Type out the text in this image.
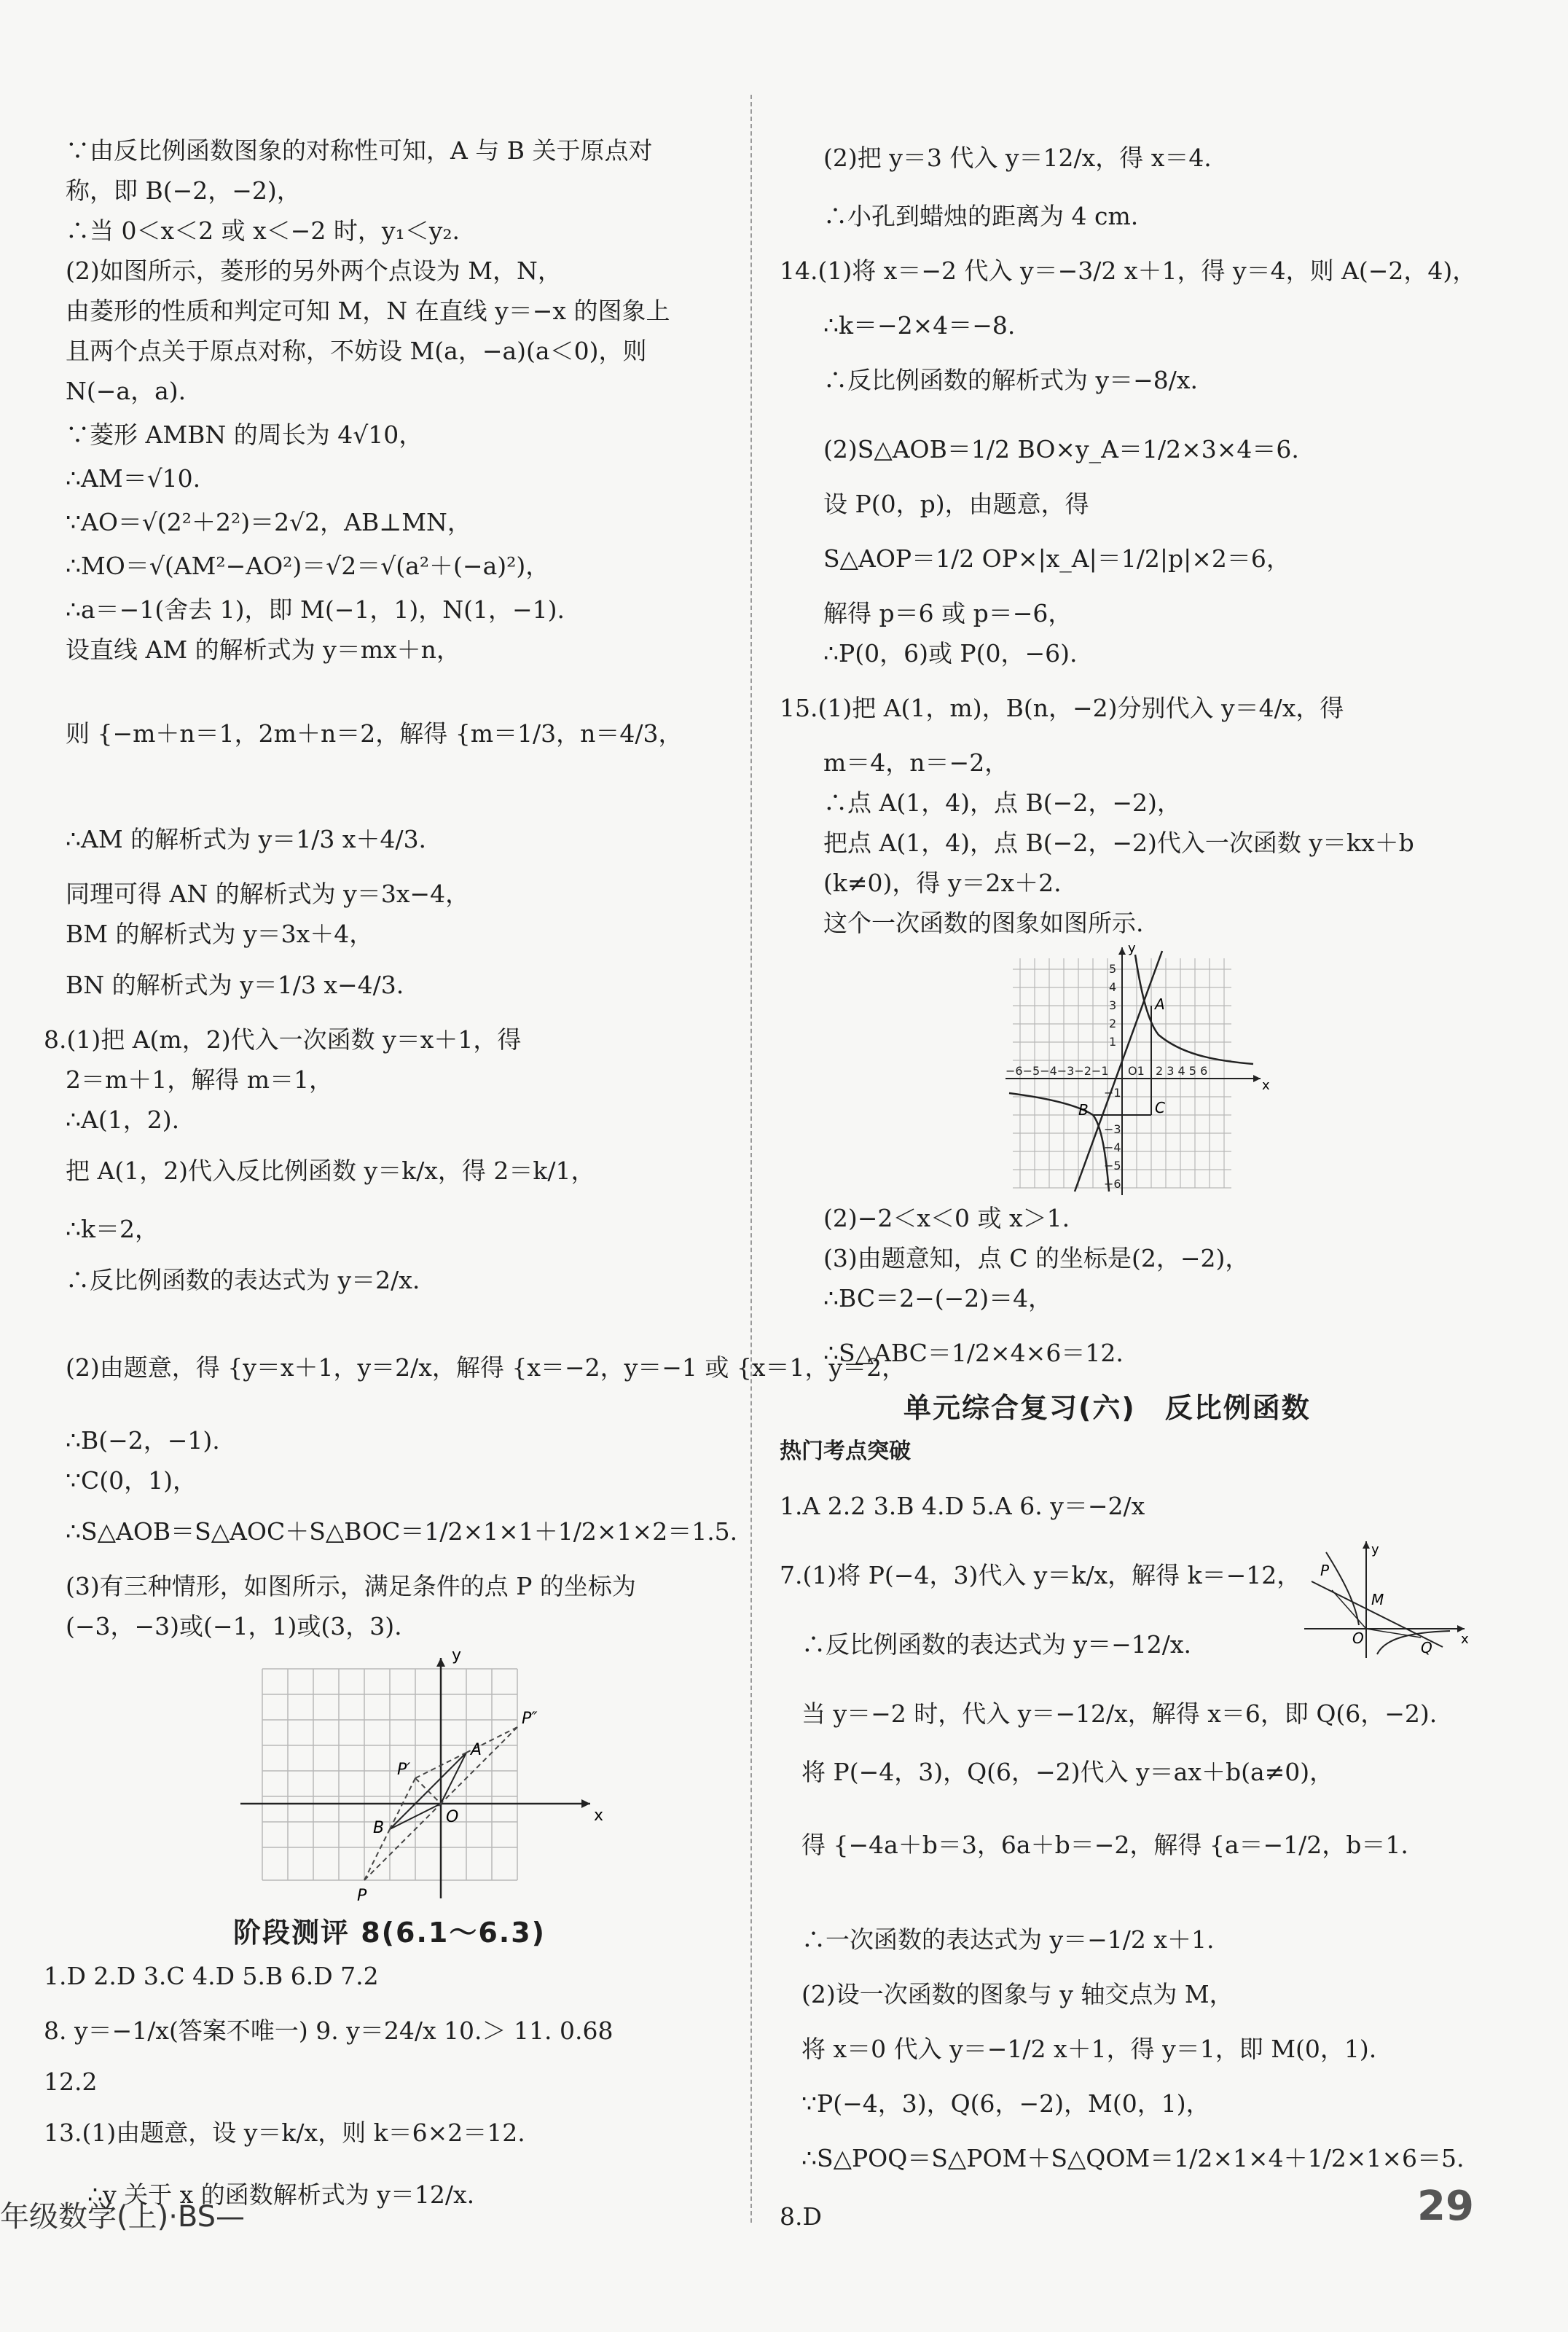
∵由反比例函数图象的对称性可知，A 与 B 关于原点对
称，即 B(−2，−2)，
∴当 0＜x＜2 或 x＜−2 时，y₁＜y₂.
(2)如图所示，菱形的另外两个点设为 M，N，
由菱形的性质和判定可知 M，N 在直线 y＝−x 的图象上
且两个点关于原点对称，不妨设 M(a，−a)(a＜0)，则
N(−a，a).
∵菱形 AMBN 的周长为 4√10，
∴AM＝√10.
∵AO＝√(2²＋2²)＝2√2，AB⊥MN，
∴MO＝√(AM²−AO²)＝√2＝√(a²＋(−a)²)，
∴a＝−1(舍去 1)，即 M(−1，1)，N(1，−1).
设直线 AM 的解析式为 y＝mx＋n，
则 {−m＋n＝1，2m＋n＝2，解得 {m＝1/3，n＝4/3，
∴AM 的解析式为 y＝1/3 x＋4/3.
同理可得 AN 的解析式为 y＝3x−4，
BM 的解析式为 y＝3x＋4，
BN 的解析式为 y＝1/3 x−4/3.
8.(1)把 A(m，2)代入一次函数 y＝x＋1，得
2＝m＋1，解得 m＝1，
∴A(1，2).
把 A(1，2)代入反比例函数 y＝k/x，得 2＝k/1，
∴k＝2，
∴反比例函数的表达式为 y＝2/x.
(2)由题意，得 {y＝x＋1，y＝2/x，解得 {x＝−2，y＝−1 或 {x＝1，y＝2，
∴B(−2，−1).
∵C(0，1)，
∴S△AOB＝S△AOC＋S△BOC＝1/2×1×1＋1/2×1×2＝1.5.
(3)有三种情形，如图所示，满足条件的点 P 的坐标为
(−3，−3)或(−1，1)或(3，3).
y
x
A
B
O
P′
P″
P
阶段测评 8(6.1～6.3)
1.D 2.D 3.C 4.D 5.B 6.D 7.2
8. y＝−1/x(答案不唯一) 9. y＝24/x 10.＞ 11. 0.68
12.2
13.(1)由题意，设 y＝k/x，则 k＝6×2＝12.
∴y 关于 x 的函数解析式为 y＝12/x.
(2)把 y＝3 代入 y＝12/x，得 x＝4.
∴小孔到蜡烛的距离为 4 cm.
14.(1)将 x＝−2 代入 y＝−3/2 x＋1，得 y＝4，则 A(−2，4)，
∴k＝−2×4＝−8.
∴反比例函数的解析式为 y＝−8/x.
(2)S△AOB＝1/2 BO×y_A＝1/2×3×4＝6.
设 P(0，p)，由题意，得
S△AOP＝1/2 OP×|x_A|＝1/2|p|×2＝6，
解得 p＝6 或 p＝−6，
∴P(0，6)或 P(0，−6).
15.(1)把 A(1，m)，B(n，−2)分别代入 y＝4/x，得
m＝4，n＝−2，
∴点 A(1，4)，点 B(−2，−2)，
把点 A(1，4)，点 B(−2，−2)代入一次函数 y＝kx＋b
(k≠0)，得 y＝2x＋2.
这个一次函数的图象如图所示.
−6−5−4−3−2−1 O1 2 3 4 5 6
5
4
3
2
1
−1
−3
−4
−5
−6
y
x
A
B	C
(2)−2＜x＜0 或 x＞1.
(3)由题意知，点 C 的坐标是(2，−2)，
∴BC＝2−(−2)＝4，
∴S△ABC＝1/2×4×6＝12.
单元综合复习(六)　反比例函数
热门考点突破
1.A 2.2 3.B 4.D 5.A 6. y＝−2/x
7.(1)将 P(−4，3)代入 y＝k/x，解得 k＝−12，
∴反比例函数的表达式为 y＝−12/x.
当 y＝−2 时，代入 y＝−12/x，解得 x＝6，即 Q(6，−2).
将 P(−4，3)，Q(6，−2)代入 y＝ax＋b(a≠0)，
得 {−4a＋b＝3，6a＋b＝−2，解得 {a＝−1/2，b＝1.
∴一次函数的表达式为 y＝−1/2 x＋1.
(2)设一次函数的图象与 y 轴交点为 M，
将 x＝0 代入 y＝−1/2 x＋1，得 y＝1，即 M(0，1).
∵P(−4，3)，Q(6，−2)，M(0，1)，
∴S△POQ＝S△POM＋S△QOM＝1/2×1×4＋1/2×1×6＝5.
8.D
P
M
O
Q
y
x
年级数学(上)·BS—	29
